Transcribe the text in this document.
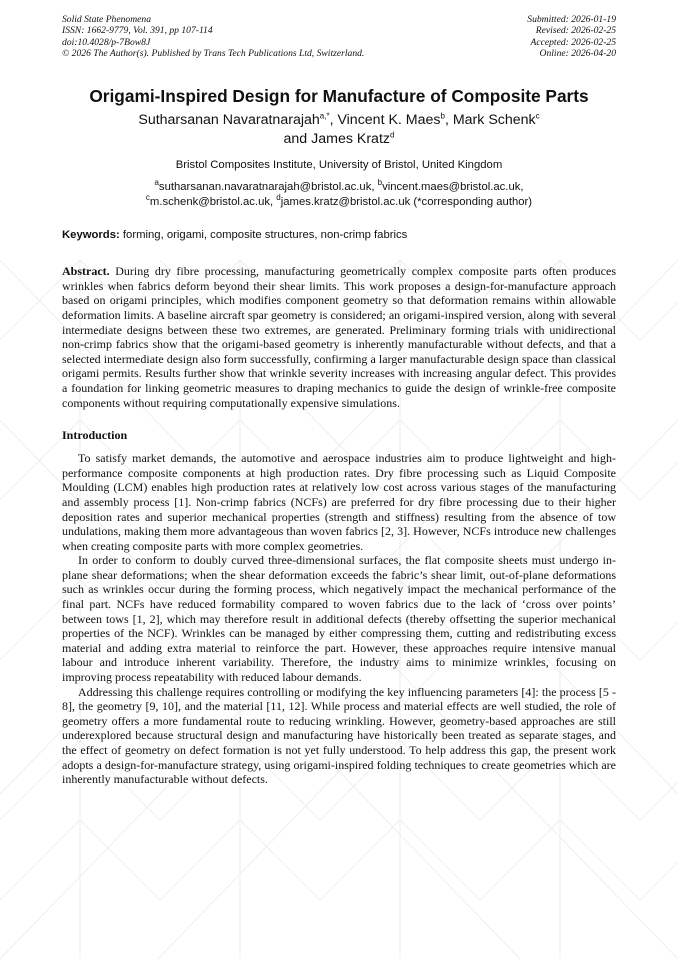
Solid State Phenomena
ISSN: 1662-9779, Vol. 391, pp 107-114
doi:10.4028/p-7Bow8J
© 2026 The Author(s). Published by Trans Tech Publications Ltd, Switzerland.
Submitted: 2026-01-19
Revised: 2026-02-25
Accepted: 2026-02-25
Online: 2026-04-20
Origami-Inspired Design for Manufacture of Composite Parts
Sutharsanan Navaratnarajah$^{a,*}$, Vincent K. Maes$^b$, Mark Schenk$^c$
and James Kratz$^d$
Bristol Composites Institute, University of Bristol, United Kingdom
$^a$sutharsanan.navaratnarajah@bristol.ac.uk, $^b$vincent.maes@bristol.ac.uk,
$^c$m.schenk@bristol.ac.uk, $^d$james.kratz@bristol.ac.uk (*corresponding author)
Keywords: forming, origami, composite structures, non-crimp fabrics

Abstract. During dry fibre processing, manufacturing geometrically complex composite parts often produces wrinkles when fabrics deform beyond their shear limits. This work proposes a design-for-manufacture approach based on origami principles, which modifies component geometry so that deformation remains within allowable deformation limits. A baseline aircraft spar geometry is considered; an origami-inspired version, along with several intermediate designs between these two extremes, are generated. Preliminary forming trials with unidirectional non-crimp fabrics show that the origami-based geometry is inherently manufacturable without defects, and that a selected intermediate design also form successfully, confirming a larger manufacturable design space than classical origami permits. Results further show that wrinkle severity increases with increasing angular defect. This provides a foundation for linking geometric measures to draping mechanics to guide the design of wrinkle-free composite components without requiring computationally expensive simulations.

Introduction

To satisfy market demands, the automotive and aerospace industries aim to produce lightweight and high-performance composite components at high production rates. Dry fibre processing such as Liquid Composite Moulding (LCM) enables high production rates at relatively low cost across various stages of the manufacturing and assembly process [1]. Non-crimp fabrics (NCFs) are preferred for dry fibre processing due to their higher deposition rates and superior mechanical properties (strength and stiffness) resulting from the absence of tow undulations, making them more advantageous than woven fabrics [2, 3]. However, NCFs introduce new challenges when creating composite parts with more complex geometries.

In order to conform to doubly curved three-dimensional surfaces, the flat composite sheets must undergo in-plane shear deformations; when the shear deformation exceeds the fabric’s shear limit, out-of-plane deformations such as wrinkles occur during the forming process, which negatively impact the mechanical performance of the final part. NCFs have reduced formability compared to woven fabrics due to the lack of ‘cross over points’ between tows [1, 2], which may therefore result in additional defects (thereby offsetting the superior mechanical properties of the NCF). Wrinkles can be managed by either compressing them, cutting and redistributing excess material and adding extra material to reinforce the part. However, these approaches require intensive manual labour and introduce inherent variability. Therefore, the industry aims to minimize wrinkles, focusing on improving process repeatability with reduced labour demands.

Addressing this challenge requires controlling or modifying the key influencing parameters [4]: the process [5 - 8], the geometry [9, 10], and the material [11, 12]. While process and material effects are well studied, the role of geometry offers a more fundamental route to reducing wrinkling. However, geometry-based approaches are still underexplored because structural design and manufacturing have historically been treated as separate stages, and the effect of geometry on defect formation is not yet fully understood. To help address this gap, the present work adopts a design-for-manufacture strategy, using origami-inspired folding techniques to create geometries which are inherently manufacturable without defects.
